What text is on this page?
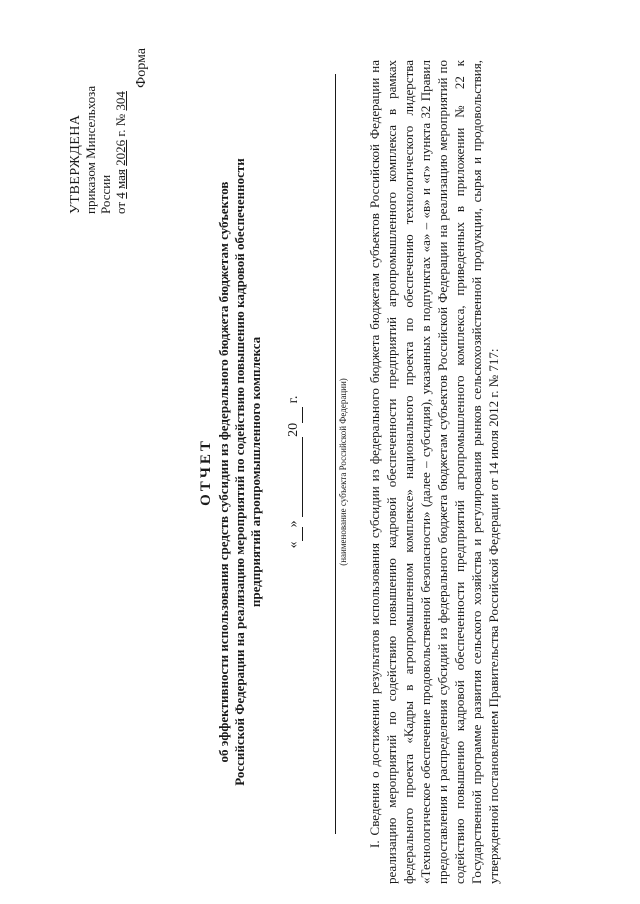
УТВЕРЖДЕНА приказом Минсельхоза России от 4 мая 2026 г. № 304
Форма
ОТЧЕТ об эффективности использования средств субсидии из федерального бюджета бюджетам субъектов Российской Федерации на реализацию мероприятий по содействию повышению кадровой обеспеченности предприятий агропромышленного комплекса « »  20  г.	(наименование субъекта Российской Федерации) I. Сведения о достижении результатов использования субсидии из федерального бюджета бюджетам субъектов Российской Федерации на реализацию мероприятий по содействию повышению кадровой обеспеченности предприятий агропромышленного комплекса в рамках федерального проекта «Кадры в агропромышленном комплексе» национального проекта по обеспечению технологического лидерства «Технологическое обеспечение продовольственной безопасности» (далее – субсидия), указанных в подпунктах «а» – «в» и «г» пункта 32 Правил предоставления и распределения субсидий из федерального бюджета бюджетам субъектов Российской Федерации на реализацию мероприятий по содействию повышению кадровой обеспеченности предприятий агропромышленного комплекса, приведенных в приложении № 22 к Государственной программе развития сельского хозяйства и регулирования рынков сельскохозяйственной продукции, сырья и продовольствия, утвержденной постановлением Правительства Российской Федерации от 14 июля 2012 г. № 717:
